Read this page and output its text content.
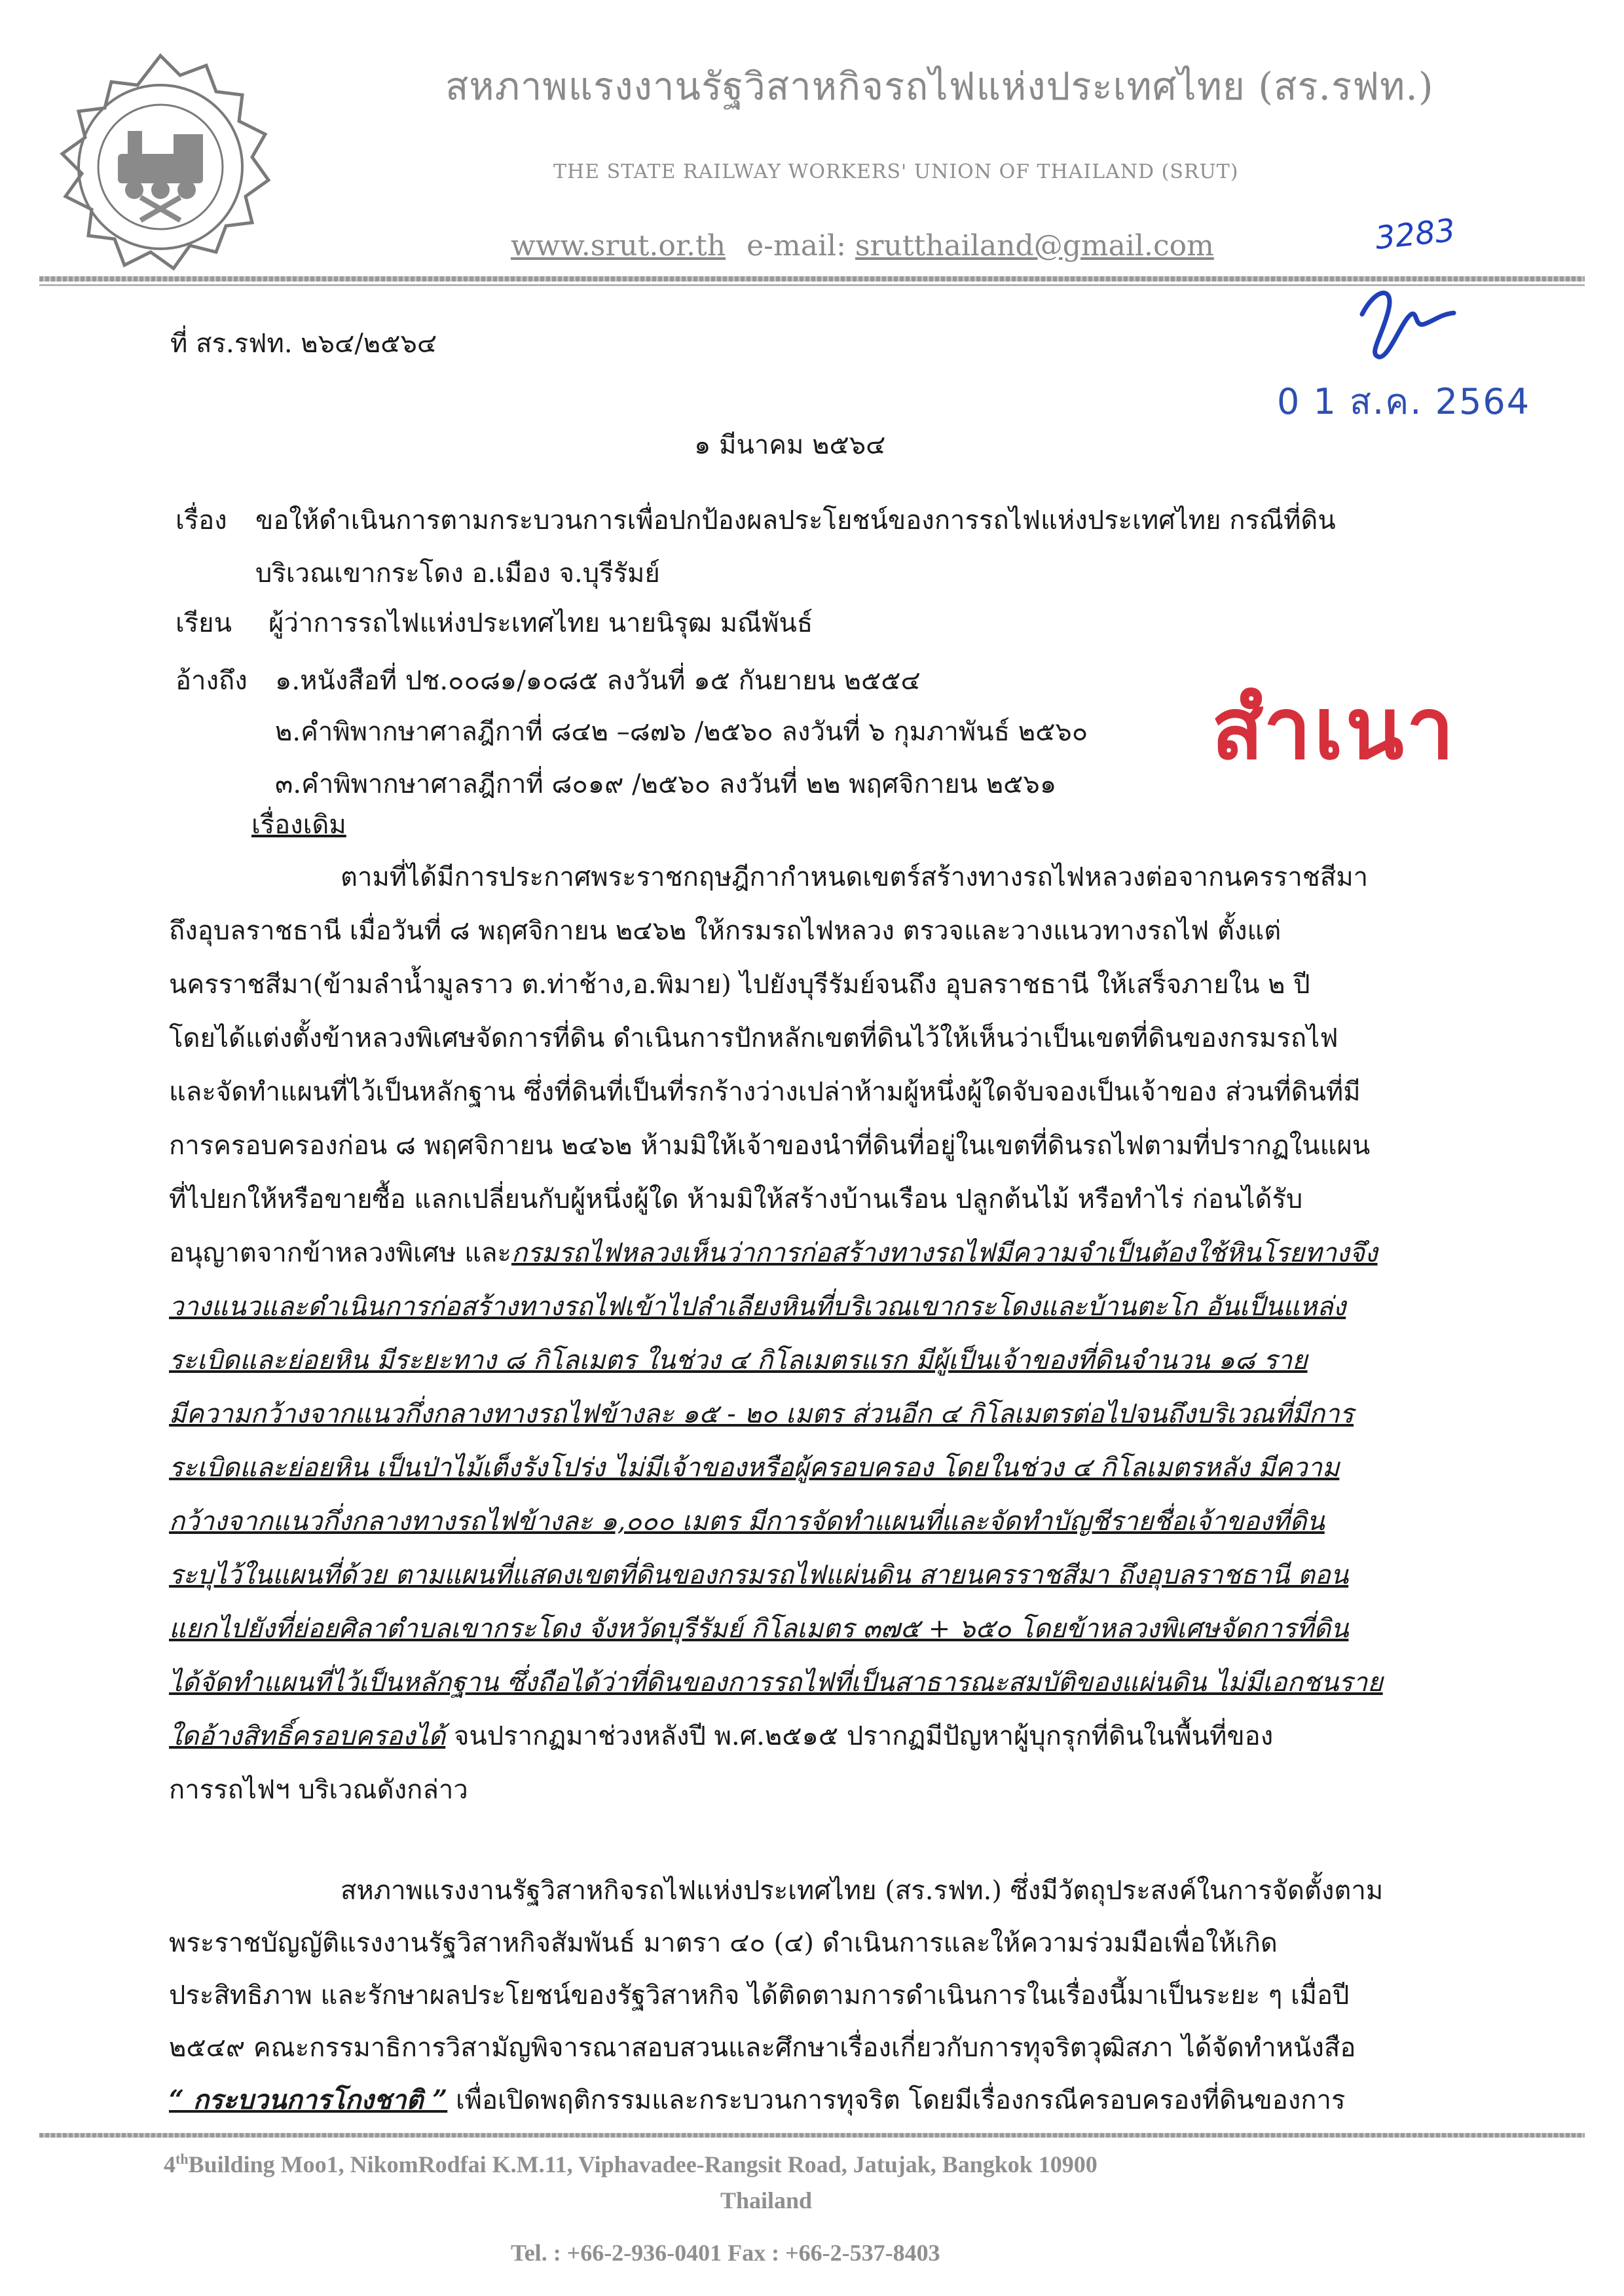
สหภาพแรงงานรัฐวิสาหกิจรถไฟแห่งประเทศไทย (สร.รฟท.)
THE STATE RAILWAY WORKERS' UNION OF THAILAND (SRUT)
www.srut.or.th e-mail: srutthailand@gmail.com	3283
0 1 ส.ค. 2564
ที่ สร.รฟท. ๒๖๔/๒๕๖๔
๑ มีนาคม ๒๕๖๔
เรื่อง ขอให้ดำเนินการตามกระบวนการเพื่อปกป้องผลประโยชน์ของการรถไฟแห่งประเทศไทย กรณีที่ดิน
บริเวณเขากระโดง อ.เมือง จ.บุรีรัมย์
เรียน ผู้ว่าการรถไฟแห่งประเทศไทย นายนิรุฒ มณีพันธ์
อ้างถึง ๑.หนังสือที่ ปช.๐๐๘๑/๑๐๘๕ ลงวันที่ ๑๕ กันยายน ๒๕๕๔
๒.คำพิพากษาศาลฎีกาที่ ๘๔๒ –๘๗๖ /๒๕๖๐ ลงวันที่ ๖ กุมภาพันธ์ ๒๕๖๐
๓.คำพิพากษาศาลฎีกาที่ ๘๐๑๙ /๒๕๖๐ ลงวันที่ ๒๒ พฤศจิกายน ๒๕๖๑
สำเนา
เรื่องเดิม
ตามที่ได้มีการประกาศพระราชกฤษฎีกากำหนดเขตร์สร้างทางรถไฟหลวงต่อจากนครราชสีมา
ถึงอุบลราชธานี เมื่อวันที่ ๘ พฤศจิกายน ๒๔๖๒ ให้กรมรถไฟหลวง ตรวจและวางแนวทางรถไฟ ตั้งแต่
นครราชสีมา(ข้ามลำน้ำมูลราว ต.ท่าช้าง,อ.พิมาย) ไปยังบุรีรัมย์จนถึง อุบลราชธานี ให้เสร็จภายใน ๒ ปี
โดยได้แต่งตั้งข้าหลวงพิเศษจัดการที่ดิน ดำเนินการปักหลักเขตที่ดินไว้ให้เห็นว่าเป็นเขตที่ดินของกรมรถไฟ
และจัดทำแผนที่ไว้เป็นหลักฐาน ซึ่งที่ดินที่เป็นที่รกร้างว่างเปล่าห้ามผู้หนึ่งผู้ใดจับจองเป็นเจ้าของ ส่วนที่ดินที่มี
การครอบครองก่อน ๘ พฤศจิกายน ๒๔๖๒ ห้ามมิให้เจ้าของนำที่ดินที่อยู่ในเขตที่ดินรถไฟตามที่ปรากฏในแผน
ที่ไปยกให้หรือขายซื้อ แลกเปลี่ยนกับผู้หนึ่งผู้ใด ห้ามมิให้สร้างบ้านเรือน ปลูกต้นไม้ หรือทำไร่ ก่อนได้รับ
อนุญาตจากข้าหลวงพิเศษ และกรมรถไฟหลวงเห็นว่าการก่อสร้างทางรถไฟมีความจำเป็นต้องใช้หินโรยทางจึง
วางแนวและดำเนินการก่อสร้างทางรถไฟเข้าไปลำเลียงหินที่บริเวณเขากระโดงและบ้านตะโก อันเป็นแหล่ง
ระเบิดและย่อยหิน มีระยะทาง ๘ กิโลเมตร ในช่วง ๔ กิโลเมตรแรก มีผู้เป็นเจ้าของที่ดินจำนวน ๑๘ ราย
มีความกว้างจากแนวกึ่งกลางทางรถไฟข้างละ ๑๕ - ๒๐ เมตร ส่วนอีก ๔ กิโลเมตรต่อไปจนถึงบริเวณที่มีการ
ระเบิดและย่อยหิน เป็นป่าไม้เต็งรังโปร่ง ไม่มีเจ้าของหรือผู้ครอบครอง โดยในช่วง ๔ กิโลเมตรหลัง มีความ
กว้างจากแนวกึ่งกลางทางรถไฟข้างละ ๑,๐๐๐ เมตร มีการจัดทำแผนที่และจัดทำบัญชีรายชื่อเจ้าของที่ดิน
ระบุไว้ในแผนที่ด้วย ตามแผนที่แสดงเขตที่ดินของกรมรถไฟแผ่นดิน สายนครราชสีมา ถึงอุบลราชธานี ตอน
แยกไปยังที่ย่อยศิลาตำบลเขากระโดง จังหวัดบุรีรัมย์ กิโลเมตร ๓๗๕ + ๖๕๐ โดยข้าหลวงพิเศษจัดการที่ดิน
ได้จัดทำแผนที่ไว้เป็นหลักฐาน ซึ่งถือได้ว่าที่ดินของการรถไฟที่เป็นสาธารณะสมบัติของแผ่นดิน ไม่มีเอกชนราย
ใดอ้างสิทธิ์ครอบครองได้ จนปรากฏมาช่วงหลังปี พ.ศ.๒๕๑๕ ปรากฏมีปัญหาผู้บุกรุกที่ดินในพื้นที่ของ
การรถไฟฯ บริเวณดังกล่าว
สหภาพแรงงานรัฐวิสาหกิจรถไฟแห่งประเทศไทย (สร.รฟท.) ซึ่งมีวัตถุประสงค์ในการจัดตั้งตาม
พระราชบัญญัติแรงงานรัฐวิสาหกิจสัมพันธ์ มาตรา ๔๐ (๔) ดำเนินการและให้ความร่วมมือเพื่อให้เกิด
ประสิทธิภาพ และรักษาผลประโยชน์ของรัฐวิสาหกิจ ได้ติดตามการดำเนินการในเรื่องนี้มาเป็นระยะ ๆ เมื่อปี
๒๕๔๙ คณะกรรมาธิการวิสามัญพิจารณาสอบสวนและศึกษาเรื่องเกี่ยวกับการทุจริตวุฒิสภา ได้จัดทำหนังสือ
“ กระบวนการโกงชาติ ” เพื่อเปิดพฤติกรรมและกระบวนการทุจริต โดยมีเรื่องกรณีครอบครองที่ดินของการ
4thBuilding Moo1, NikomRodfai K.M.11, Viphavadee-Rangsit Road, Jatujak, Bangkok 10900
Thailand
Tel. : +66-2-936-0401 Fax : +66-2-537-8403
